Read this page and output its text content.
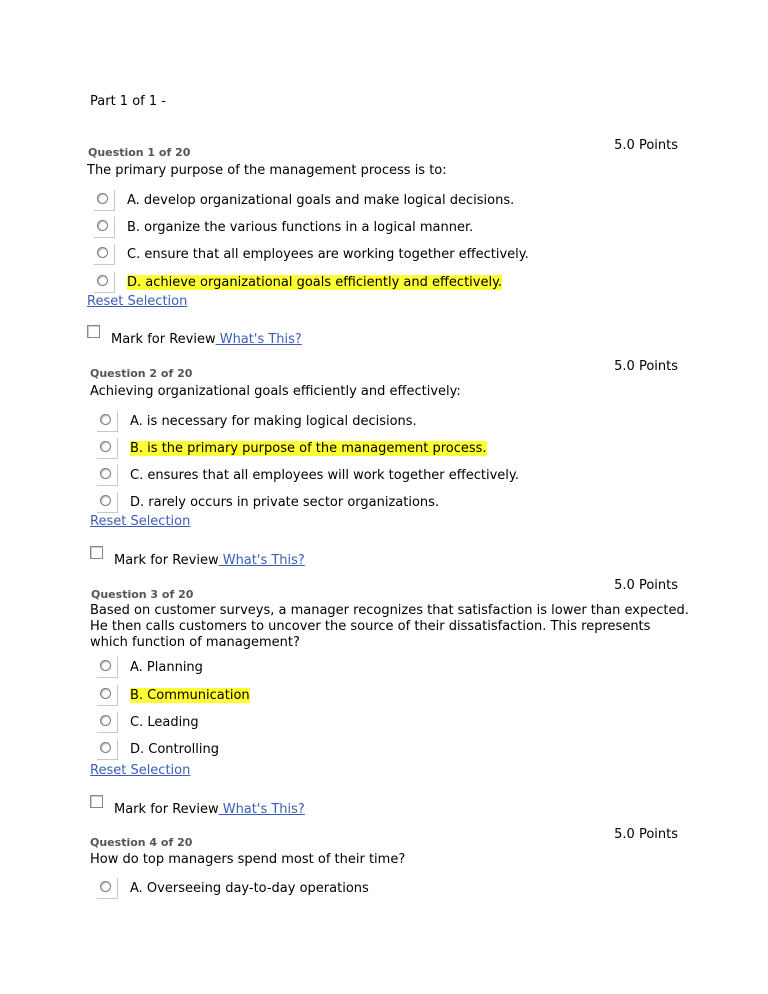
Part 1 of 1 -
Question 1 of 20	5.0 Points
The primary purpose of the management process is to:
A. develop organizational goals and make logical decisions.
B. organize the various functions in a logical manner.
C. ensure that all employees are working together effectively.
D. achieve organizational goals efficiently and effectively.
Reset Selection
Mark for Review What's This?
Question 2 of 20	5.0 Points
Achieving organizational goals efficiently and effectively:
A. is necessary for making logical decisions.
B. is the primary purpose of the management process.
C. ensures that all employees will work together effectively.
D. rarely occurs in private sector organizations.
Reset Selection
Mark for Review What's This?
Question 3 of 20
5.0 Points
Based on customer surveys, a manager recognizes that satisfaction is lower than expected. He then calls customers to uncover the source of their dissatisfaction. This represents which function of management?
A. Planning
B. Communication
C. Leading
D. Controlling
Reset Selection
Mark for Review What's This?
Question 4 of 20
5.0 Points
How do top managers spend most of their time?
A. Overseeing day-to-day operations
